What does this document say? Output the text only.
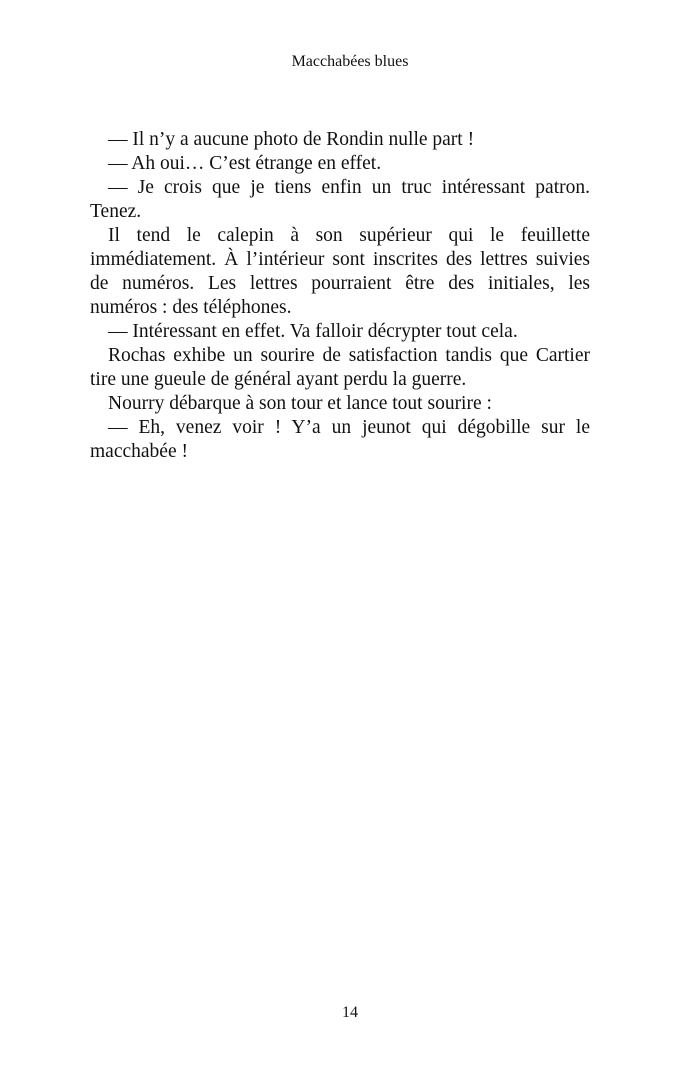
Macchabées blues

— Il n’y a aucune photo de Rondin nulle part !

— Ah oui… C’est étrange en effet.

— Je crois que je tiens enfin un truc intéressant patron. Tenez.

Il tend le calepin à son supérieur qui le feuillette immédiatement. À l’intérieur sont inscrites des lettres suivies de numéros. Les lettres pourraient être des initiales, les numéros : des téléphones.

— Intéressant en effet. Va falloir décrypter tout cela.

Rochas exhibe un sourire de satisfaction tandis que Cartier tire une gueule de général ayant perdu la guerre.

Nourry débarque à son tour et lance tout sourire :

— Eh, venez voir ! Y’a un jeunot qui dégobille sur le macchabée !

14
